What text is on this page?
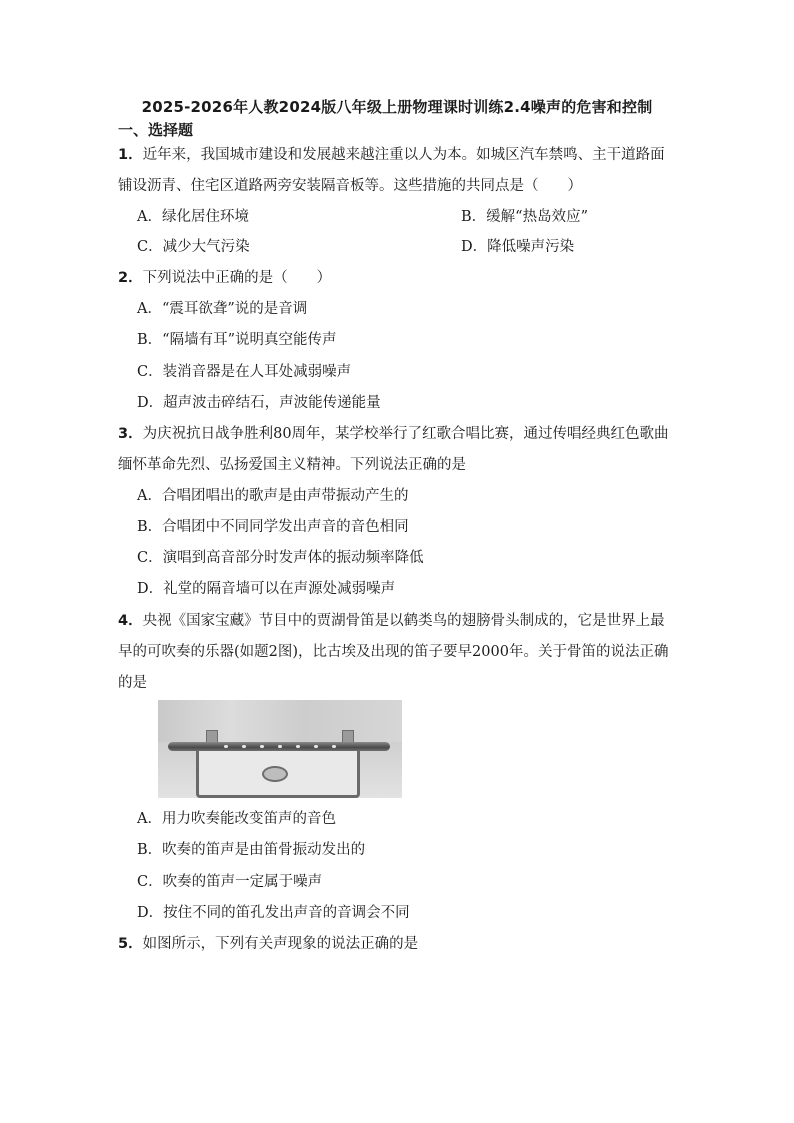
2025-2026年人教2024版八年级上册物理课时训练2.4噪声的危害和控制
一、选择题
1．近年来，我国城市建设和发展越来越注重以人为本。如城区汽车禁鸣、主干道路面
铺设沥青、住宅区道路两旁安装隔音板等。这些措施的共同点是（　　）
A．绿化居住环境	B．缓解“热岛效应”
C．减少大气污染	D．降低噪声污染
2．下列说法中正确的是（　　）
A．“震耳欲聋”说的是音调
B．“隔墙有耳”说明真空能传声
C．装消音器是在人耳处减弱噪声
D．超声波击碎结石，声波能传递能量
3．为庆祝抗日战争胜利80周年，某学校举行了红歌合唱比赛，通过传唱经典红色歌曲
缅怀革命先烈、弘扬爱国主义精神。下列说法正确的是
A．合唱团唱出的歌声是由声带振动产生的
B．合唱团中不同同学发出声音的音色相同
C．演唱到高音部分时发声体的振动频率降低
D．礼堂的隔音墙可以在声源处减弱噪声
4．央视《国家宝藏》节目中的贾湖骨笛是以鹤类鸟的翅膀骨头制成的，它是世界上最
早的可吹奏的乐器(如题2图)，比古埃及出现的笛子要早2000年。关于骨笛的说法正确
的是
A．用力吹奏能改变笛声的音色
B．吹奏的笛声是由笛骨振动发出的
C．吹奏的笛声一定属于噪声
D．按住不同的笛孔发出声音的音调会不同
5．如图所示，下列有关声现象的说法正确的是
